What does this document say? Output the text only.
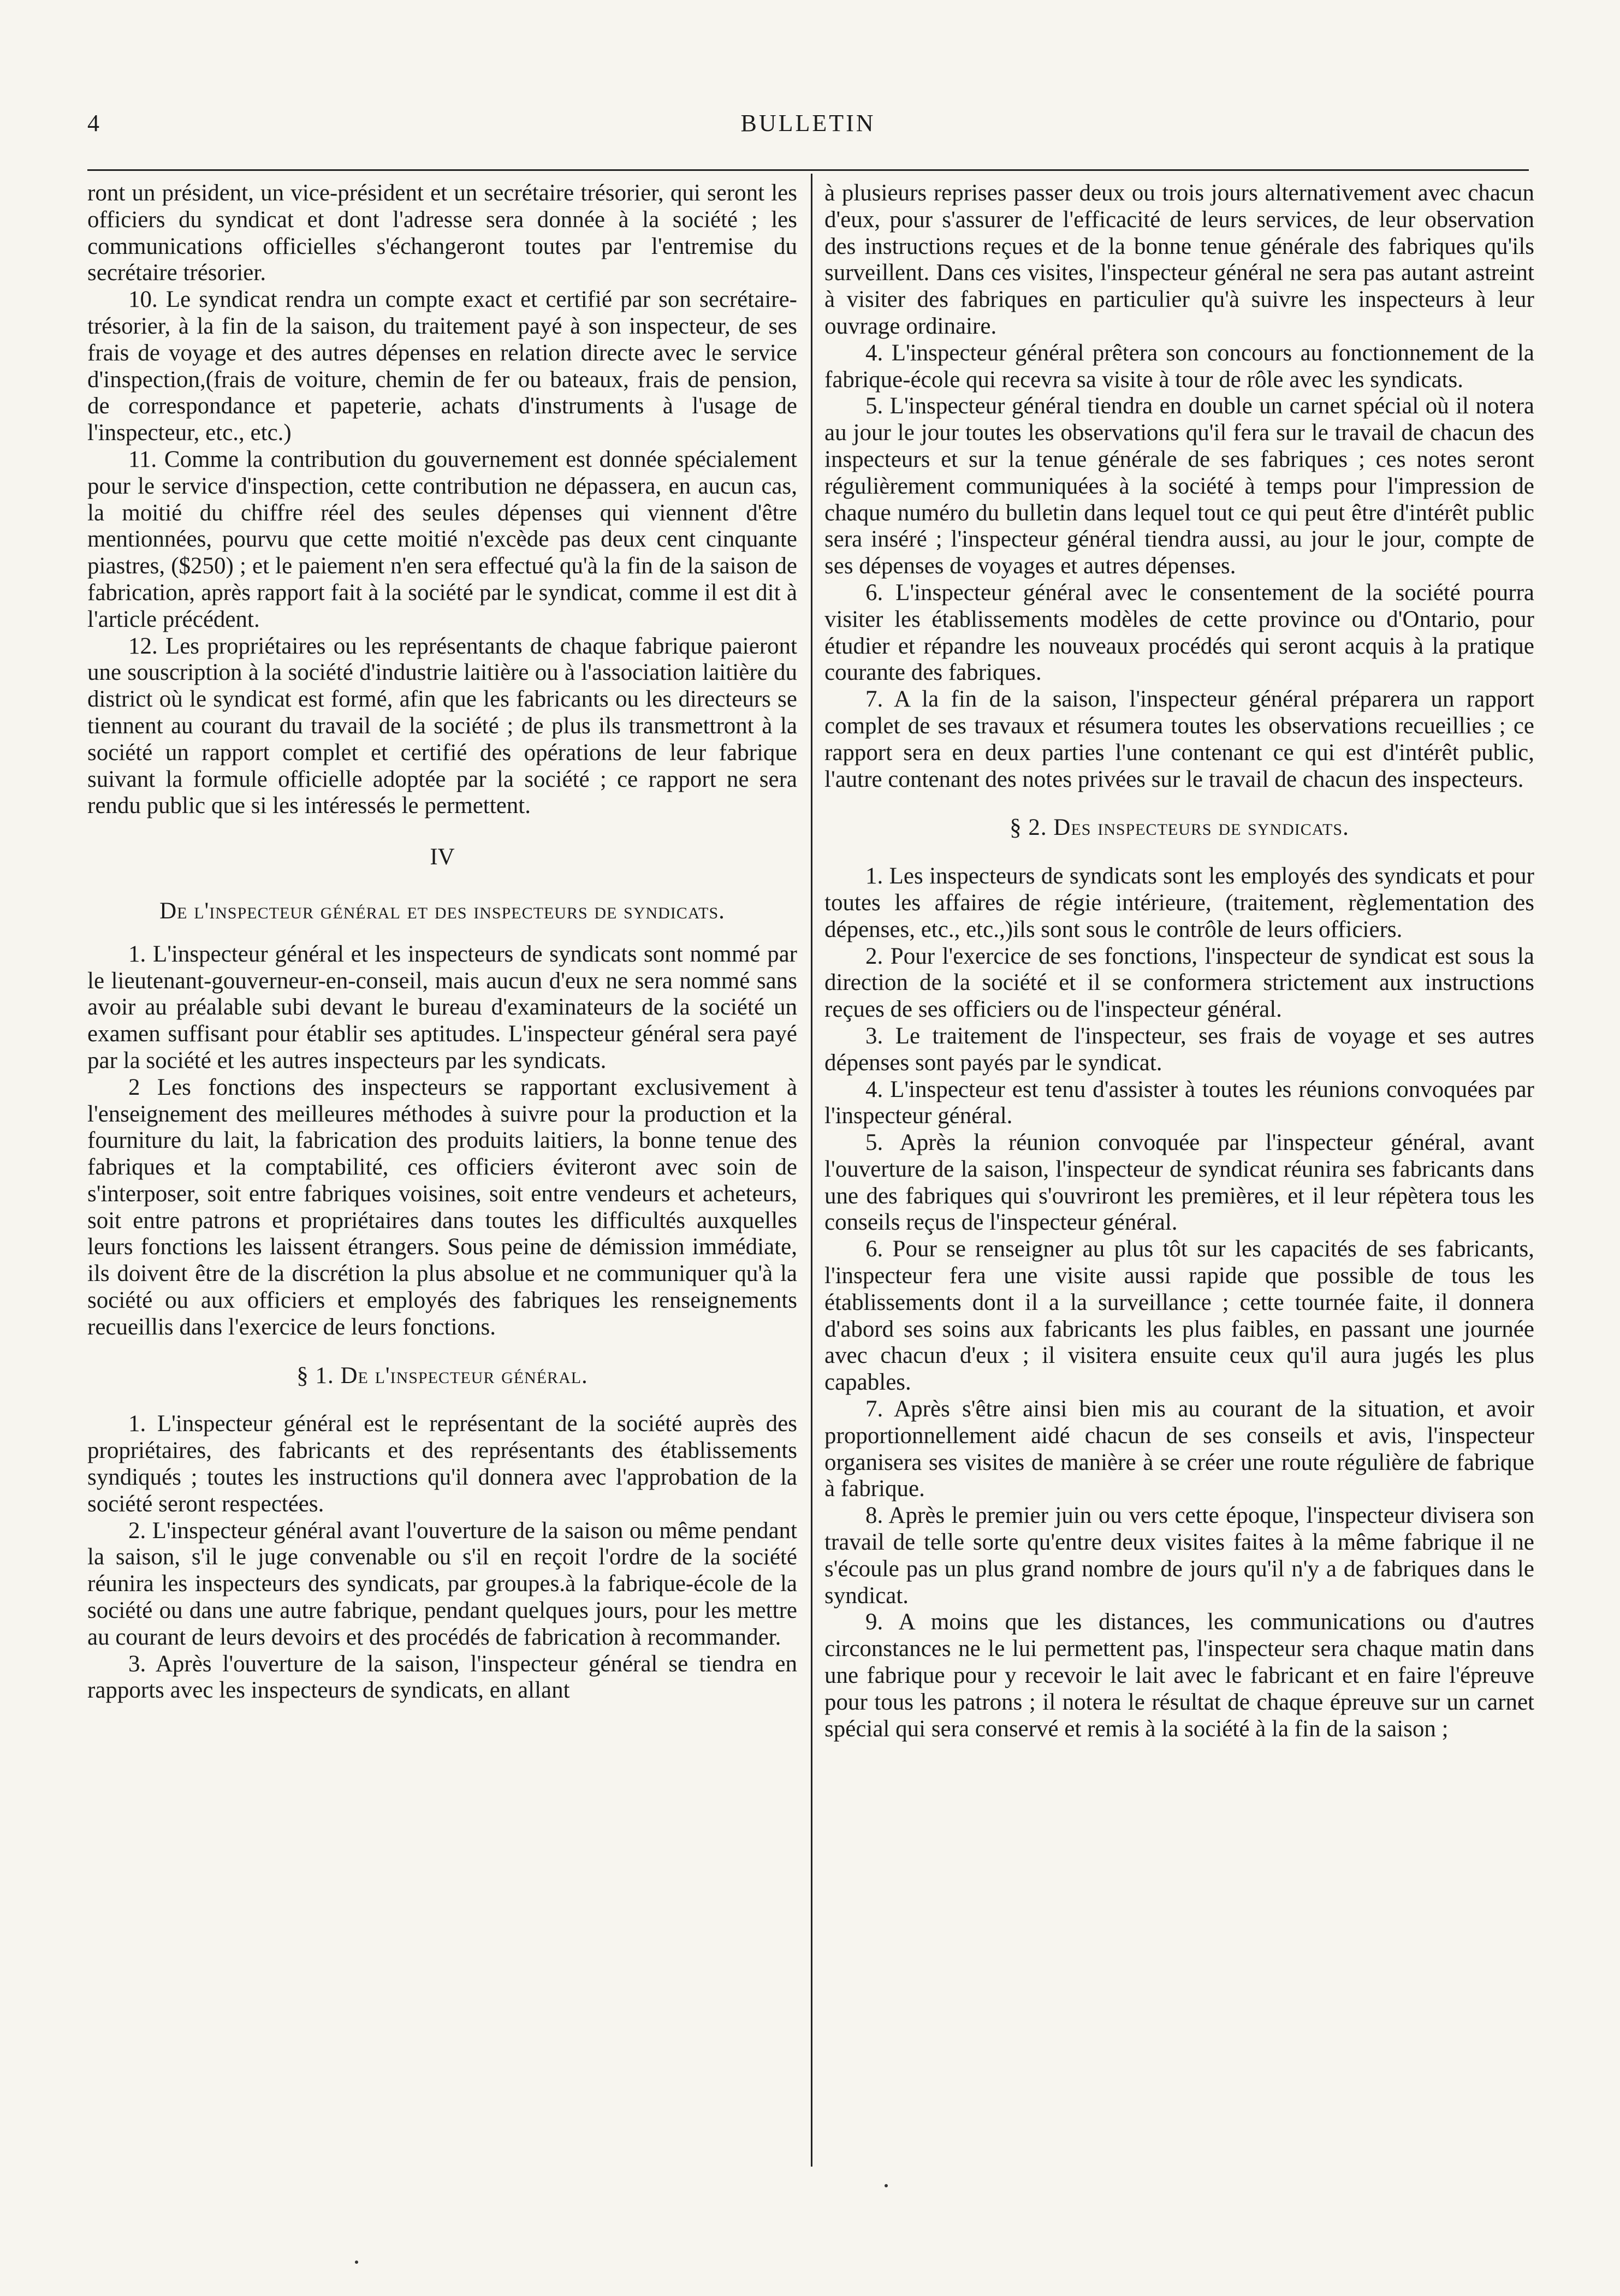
4	BULLETIN

ront un président, un vice-président et un secrétaire trésorier, qui seront les officiers du syndicat et dont l'adresse sera donnée à la société ; les communications officielles s'échangeront toutes par l'entremise du secrétaire trésorier.

10. Le syndicat rendra un compte exact et certifié par son secrétaire-trésorier, à la fin de la saison, du traitement payé à son inspecteur, de ses frais de voyage et des autres dépenses en relation directe avec le service d'inspection,(frais de voiture, chemin de fer ou bateaux, frais de pension, de correspondance et papeterie, achats d'instruments à l'usage de l'inspecteur, etc., etc.)

11. Comme la contribution du gouvernement est donnée spécialement pour le service d'inspection, cette contribution ne dépassera, en aucun cas, la moitié du chiffre réel des seules dépenses qui viennent d'être mentionnées, pourvu que cette moitié n'excède pas deux cent cinquante piastres, ($250) ; et le paiement n'en sera effectué qu'à la fin de la saison de fabrication, après rapport fait à la société par le syndicat, comme il est dit à l'article précédent.

12. Les propriétaires ou les représentants de chaque fabrique paieront une souscription à la société d'industrie laitière ou à l'association laitière du district où le syndicat est formé, afin que les fabricants ou les directeurs se tiennent au courant du travail de la société ; de plus ils transmettront à la société un rapport complet et certifié des opérations de leur fabrique suivant la formule officielle adoptée par la société ; ce rapport ne sera rendu public que si les intéressés le permettent.

IV

De l'inspecteur général et des inspecteurs de syndicats.

1. L'inspecteur général et les inspecteurs de syndicats sont nommé par le lieutenant-gouverneur-en-conseil, mais aucun d'eux ne sera nommé sans avoir au préalable subi devant le bureau d'examinateurs de la société un examen suffisant pour établir ses aptitudes. L'inspecteur général sera payé par la société et les autres inspecteurs par les syndicats.

2 Les fonctions des inspecteurs se rapportant exclusivement à l'enseignement des meilleures méthodes à suivre pour la production et la fourniture du lait, la fabrication des produits laitiers, la bonne tenue des fabriques et la comptabilité, ces officiers éviteront avec soin de s'interposer, soit entre fabriques voisines, soit entre vendeurs et acheteurs, soit entre patrons et propriétaires dans toutes les difficultés auxquelles leurs fonctions les laissent étrangers. Sous peine de démission immédiate, ils doivent être de la discrétion la plus absolue et ne communiquer qu'à la société ou aux officiers et employés des fabriques les renseignements recueillis dans l'exercice de leurs fonctions.

§ 1. De l'inspecteur général.

1. L'inspecteur général est le représentant de la société auprès des propriétaires, des fabricants et des représentants des établissements syndiqués ; toutes les instructions qu'il donnera avec l'approbation de la société seront respectées.

2. L'inspecteur général avant l'ouverture de la saison ou même pendant la saison, s'il le juge convenable ou s'il en reçoit l'ordre de la société réunira les inspecteurs des syndicats, par groupes.à la fabrique-école de la société ou dans une autre fabrique, pendant quelques jours, pour les mettre au courant de leurs devoirs et des procédés de fabrication à recommander.

3. Après l'ouverture de la saison, l'inspecteur général se tiendra en rapports avec les inspecteurs de syndicats, en allant

à plusieurs reprises passer deux ou trois jours alternativement avec chacun d'eux, pour s'assurer de l'efficacité de leurs services, de leur observation des instructions reçues et de la bonne tenue générale des fabriques qu'ils surveillent. Dans ces visites, l'inspecteur général ne sera pas autant astreint à visiter des fabriques en particulier qu'à suivre les inspecteurs à leur ouvrage ordinaire.

4. L'inspecteur général prêtera son concours au fonctionnement de la fabrique-école qui recevra sa visite à tour de rôle avec les syndicats.

5. L'inspecteur général tiendra en double un carnet spécial où il notera au jour le jour toutes les observations qu'il fera sur le travail de chacun des inspecteurs et sur la tenue générale de ses fabriques ; ces notes seront régulièrement communiquées à la société à temps pour l'impression de chaque numéro du bulletin dans lequel tout ce qui peut être d'intérêt public sera inséré ; l'inspecteur général tiendra aussi, au jour le jour, compte de ses dépenses de voyages et autres dépenses.

6. L'inspecteur général avec le consentement de la société pourra visiter les établissements modèles de cette province ou d'Ontario, pour étudier et répandre les nouveaux procédés qui seront acquis à la pratique courante des fabriques.

7. A la fin de la saison, l'inspecteur général préparera un rapport complet de ses travaux et résumera toutes les observations recueillies ; ce rapport sera en deux parties l'une contenant ce qui est d'intérêt public, l'autre contenant des notes privées sur le travail de chacun des inspecteurs.

§ 2. Des inspecteurs de syndicats.

1. Les inspecteurs de syndicats sont les employés des syndicats et pour toutes les affaires de régie intérieure, (traitement, règlementation des dépenses, etc., etc.,)ils sont sous le contrôle de leurs officiers.

2. Pour l'exercice de ses fonctions, l'inspecteur de syndicat est sous la direction de la société et il se conformera strictement aux instructions reçues de ses officiers ou de l'inspecteur général.

3. Le traitement de l'inspecteur, ses frais de voyage et ses autres dépenses sont payés par le syndicat.

4. L'inspecteur est tenu d'assister à toutes les réunions convoquées par l'inspecteur général.

5. Après la réunion convoquée par l'inspecteur général, avant l'ouverture de la saison, l'inspecteur de syndicat réunira ses fabricants dans une des fabriques qui s'ouvriront les premières, et il leur répètera tous les conseils reçus de l'inspecteur général.

6. Pour se renseigner au plus tôt sur les capacités de ses fabricants, l'inspecteur fera une visite aussi rapide que possible de tous les établissements dont il a la surveillance ; cette tournée faite, il donnera d'abord ses soins aux fabricants les plus faibles, en passant une journée avec chacun d'eux ; il visitera ensuite ceux qu'il aura jugés les plus capables.

7. Après s'être ainsi bien mis au courant de la situation, et avoir proportionnellement aidé chacun de ses conseils et avis, l'inspecteur organisera ses visites de manière à se créer une route régulière de fabrique à fabrique.

8. Après le premier juin ou vers cette époque, l'inspecteur divisera son travail de telle sorte qu'entre deux visites faites à la même fabrique il ne s'écoule pas un plus grand nombre de jours qu'il n'y a de fabriques dans le syndicat.

9. A moins que les distances, les communications ou d'autres circonstances ne le lui permettent pas, l'inspecteur sera chaque matin dans une fabrique pour y recevoir le lait avec le fabricant et en faire l'épreuve pour tous les patrons ; il notera le résultat de chaque épreuve sur un carnet spécial qui sera conservé et remis à la société à la fin de la saison ;
